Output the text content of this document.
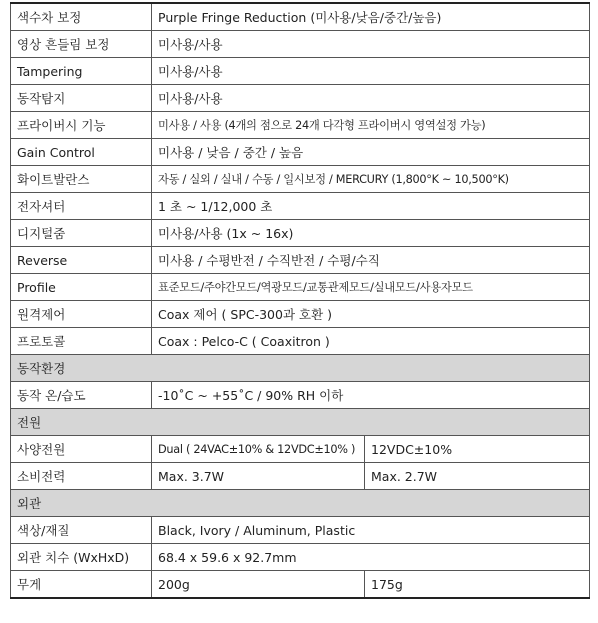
색수차 보정	Purple Fringe Reduction (미사용/낮음/중간/높음)	
영상 흔들림 보정	미사용/사용	
Tampering	미사용/사용	
동작탐지	미사용/사용	
프라이버시 기능	미사용 / 사용 (4개의 점으로 24개 다각형 프라이버시 영역설정 가능)	
Gain Control	미사용 / 낮음 / 중간 / 높음	
화이트발란스	자동 / 실외 / 실내 / 수동 / 일시보정 / MERCURY (1,800°K ~ 10,500°K)	
전자셔터	1 초 ~ 1/12,000 초	
디지털줌	미사용/사용 (1x ~ 16x)	
Reverse	미사용 / 수평반전 / 수직반전 / 수평/수직	
Profile	표준모드/주야간모드/역광모드/교통관제모드/실내모드/사용자모드	
원격제어	Coax 제어 ( SPC-300과 호환 )	
프로토콜	Coax : Pelco-C ( Coaxitron )	
동작환경		
동작 온/습도	-10˚C ~ +55˚C / 90% RH 이하	
전원		
사양전원	Dual ( 24VAC±10% & 12VDC±10% )	12VDC±10%
소비전력	Max. 3.7W	Max. 2.7W
외관		
색상/재질	Black, Ivory / Aluminum, Plastic	
외관 치수 (WxHxD)	68.4 x 59.6 x 92.7mm	
무게	200g	175g
